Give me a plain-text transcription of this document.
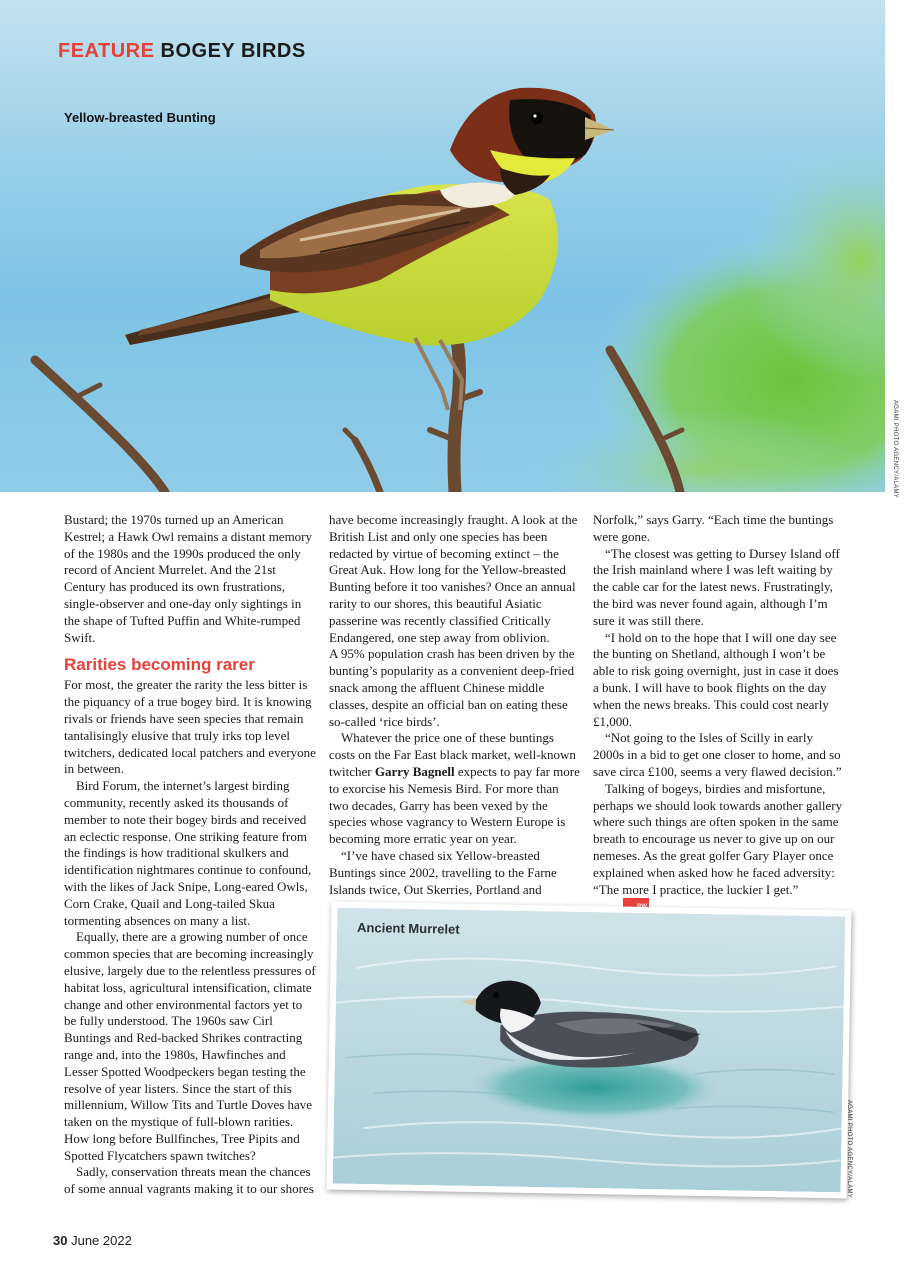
FEATURE BOGEY BIRDS
Yellow-breasted Bunting
AGAMI PHOTO AGENCY/ALAMY

Bustard; the 1970s turned up an American Kestrel; a Hawk Owl remains a distant memory of the 1980s and the 1990s produced the only record of Ancient Murrelet. And the 21st Century has produced its own frustrations, single-observer and one-day only sightings in the shape of Tufted Puffin and White-rumped Swift.

Rarities becoming rarer

For most, the greater the rarity the less bitter is the piquancy of a true bogey bird. It is knowing rivals or friends have seen species that remain tantalisingly elusive that truly irks top level twitchers, dedicated local patchers and everyone in between.

Bird Forum, the internet’s largest birding community, recently asked its thousands of member to note their bogey birds and received an eclectic response. One striking feature from the findings is how traditional skulkers and identification nightmares continue to confound, with the likes of Jack Snipe, Long-eared Owls, Corn Crake, Quail and Long-tailed Skua tormenting absences on many a list.

Equally, there are a growing number of once common species that are becoming increasingly elusive, largely due to the relentless pressures of habitat loss, agricultural intensification, climate change and other environmental factors yet to be fully understood. The 1960s saw Cirl Buntings and Red-backed Shrikes contracting range and, into the 1980s, Hawfinches and Lesser Spotted Woodpeckers began testing the resolve of year listers. Since the start of this millennium, Willow Tits and Turtle Doves have taken on the mystique of full-blown rarities. How long before Bullfinches, Tree Pipits and Spotted Flycatchers spawn twitches?

Sadly, conservation threats mean the chances of some annual vagrants making it to our shores

have become increasingly fraught. A look at the British List and only one species has been redacted by virtue of becoming extinct – the Great Auk. How long for the Yellow-breasted Bunting before it too vanishes? Once an annual rarity to our shores, this beautiful Asiatic passerine was recently classified Critically Endangered, one step away from oblivion.

A 95% population crash has been driven by the bunting’s popularity as a convenient deep-fried snack among the affluent Chinese middle classes, despite an official ban on eating these so-called ‘rice birds’.

Whatever the price one of these buntings costs on the Far East black market, well-known twitcher Garry Bagnell expects to pay far more to exorcise his Nemesis Bird. For more than two decades, Garry has been vexed by the species whose vagrancy to Western Europe is becoming more erratic year on year.

“I’ve have chased six Yellow-breasted Buntings since 2002, travelling to the Farne Islands twice, Out Skerries, Portland and

Norfolk,” says Garry. “Each time the buntings were gone.

“The closest was getting to Dursey Island off the Irish mainland where I was left waiting by the cable car for the latest news. Frustratingly, the bird was never found again, although I’m sure it was still there.

“I hold on to the hope that I will one day see the bunting on Shetland, although I won’t be able to risk going overnight, just in case it does a bunk. I will have to book flights on the day when the news breaks. This could cost nearly £1,000.

“Not going to the Isles of Scilly in early 2000s in a bid to get one closer to home, and so save circa £100, seems a very flawed decision.”

Talking of bogeys, birdies and misfortune, perhaps we should look towards another gallery where such things are often spoken in the same breath to encourage us never to give up on our nemeses. As the great golfer Gary Player once explained when asked how he faced adversity: “The more I practice, the luckier I get.”

Ancient Murrelet
AGAMI PHOTO AGENCY/ALAMY
30 June 2022
